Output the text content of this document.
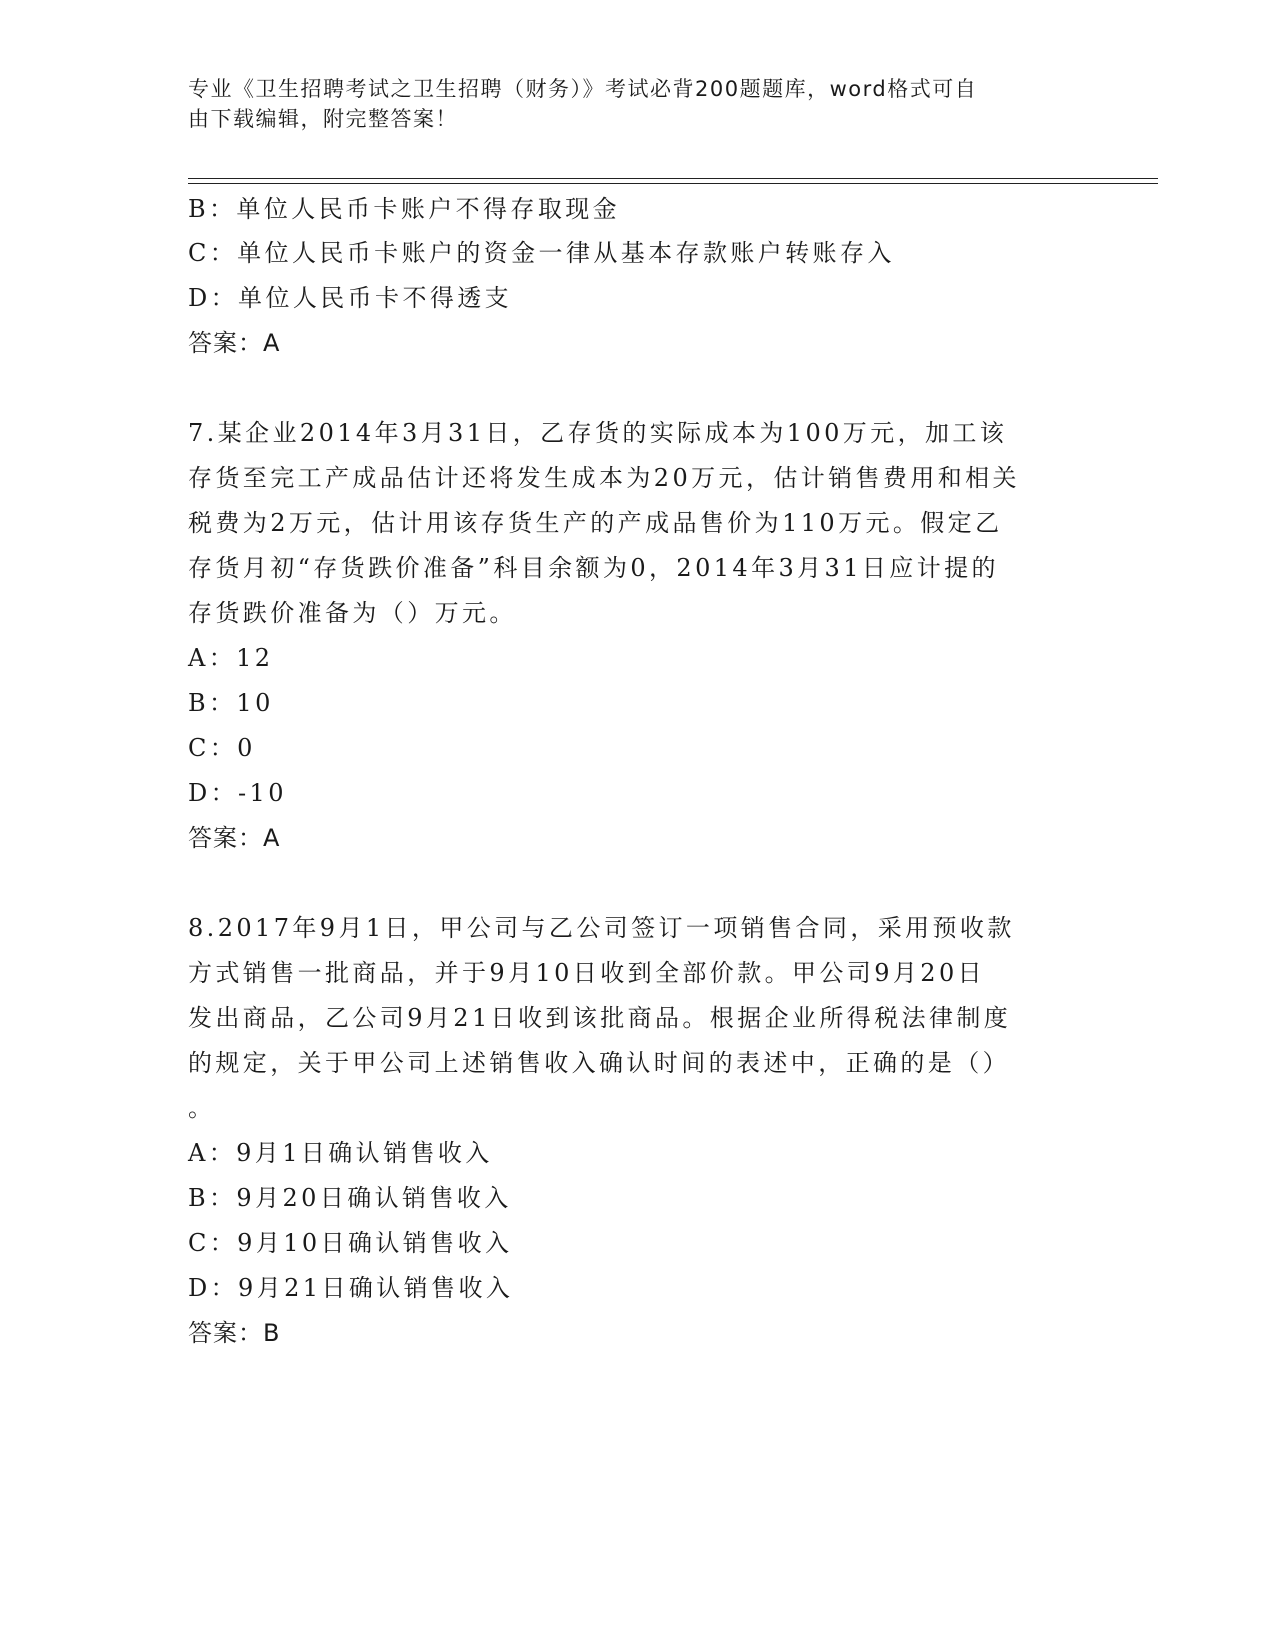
专业《卫生招聘考试之卫生招聘（财务）》考试必背200题题库，word格式可自
由下载编辑，附完整答案！
B：单位人民币卡账户不得存取现金
C：单位人民币卡账户的资金一律从基本存款账户转账存入
D：单位人民币卡不得透支
答案：A
7.某企业2014年3月31日，乙存货的实际成本为100万元，加工该
存货至完工产成品估计还将发生成本为20万元，估计销售费用和相关
税费为2万元，估计用该存货生产的产成品售价为110万元。假定乙
存货月初“存货跌价准备”科目余额为0，2014年3月31日应计提的
存货跌价准备为（）万元。
A：12
B：10
C：0
D：-10
答案：A
8.2017年9月1日，甲公司与乙公司签订一项销售合同，采用预收款
方式销售一批商品，并于9月10日收到全部价款。甲公司9月20日
发出商品，乙公司9月21日收到该批商品。根据企业所得税法律制度
的规定，关于甲公司上述销售收入确认时间的表述中，正确的是（）
。
A：9月1日确认销售收入
B：9月20日确认销售收入
C：9月10日确认销售收入
D：9月21日确认销售收入
答案：B
